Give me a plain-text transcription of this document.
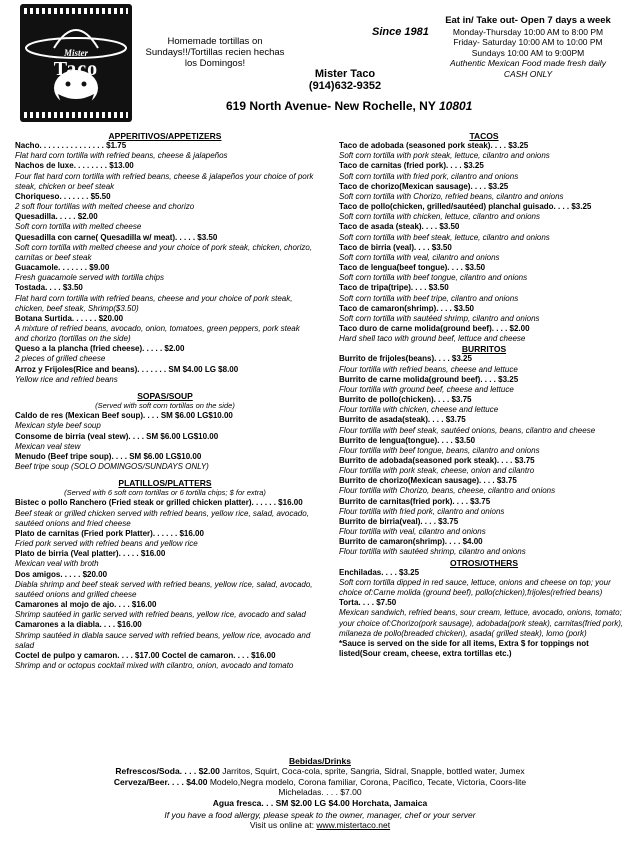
Mister
Taco
Homemade tortillas on Sundays!!/Tortillas recien hechas los Domingos!
Since 1981
Eat in/ Take out- Open 7 days a week
Monday-Thursday 10:00 AM to 8:00 PM
Friday- Saturday 10:00 AM to 10:00 PM
Sundays 10:00 AM to 9:00PM
Authentic Mexican Food made fresh daily
CASH ONLY
Mister Taco
(914)632-9352
619 North Avenue- New Rochelle, NY 10801
APPERITIVOS/APPETIZERS
Nacho. . . . . . . . . . . . . . . $1.75
Flat hard corn tortilla with refried beans, cheese & jalapeños
Nachos de luxe. . . . . . . . $13.00
Four flat hard corn tortilla with refried beans, cheese & jalapeños your choice of pork steak, chicken or beef steak
Choriqueso. . . . . . . $5.50
2 soft flour tortillas with melted cheese and chorizo
Quesadilla. . . . . $2.00
Soft corn tortilla with melted cheese
Quesadilla con carne( Quesadilla w/ meat). . . . . $3.50
Soft corn tortilla with melted cheese and your choice of pork steak, chicken, chorizo, carnitas or beef steak
Guacamole. . . . . . . $9.00
Fresh guacamole served with tortilla chips
Tostada. . . . $3.50
Flat hard corn tortilla with refried beans, cheese and your choice of pork steak, chicken, beef steak, Shrimp($3.50)
Botana Surtida. . . . . . $20.00
A mixture of refried beans, avocado, onion, tomatoes, green peppers, pork steak and chorizo (tortillas on the side)
Queso a la plancha (fried cheese). . . . . $2.00
2 pieces of grilled cheese
Arroz y Frijoles(Rice and beans). . . . . . . SM $4.00 LG $8.00
Yellow rice and refried beans
SOPAS/SOUP
(Served with soft corn tortillas on the side)
Caldo de res (Mexican Beef soup). . . . SM $6.00 LG$10.00
Mexican style beef soup
Consome de birria (veal stew). . . . SM $6.00 LG$10.00
Mexican veal stew
Menudo (Beef tripe soup). . . . SM $6.00 LG$10.00
Beef tripe soup (SOLO DOMINGOS/SUNDAYS ONLY)
PLATILLOS/PLATTERS
(Served with 6 soft corn tortillas or 6 tortilla chips; $ for extra)
Bistec o pollo Ranchero (Fried steak or grilled chicken platter). . . . . . $16.00
Beef steak or grilled chicken served with refried beans, yellow rice, salad, avocado, sautéed onions and fried cheese
Plato de carnitas (Fried pork Platter). . . . . . $16.00
Fried pork served with refried beans and yellow rice
Plato de birria (Veal platter). . . . . $16.00
Mexican veal with broth
Dos amigos. . . . . $20.00
Diabla shrimp and beef steak served with refried beans, yellow rice, salad, avocado, sautéed onions and grilled cheese
Camarones al mojo de ajo. . . . $16.00
Shrimp sautéed in garlic served with refried beans, yellow rice, avocado and salad
Camarones a la diabla. . . . $16.00
Shrimp sautéed in diabla sauce served with refried beans, yellow rice, avocado and salad
Coctel de pulpo y camaron. . . . $17.00 Coctel de camaron. . . . $16.00
Shrimp and or octopus cocktail mixed with cilantro, onion, avocado and tomato
TACOS
Taco de adobada (seasoned pork steak). . . . $3.25
Soft corn tortilla with pork steak, lettuce, cilantro and onions
Taco de carnitas (fried pork). . . . $3.25
Soft corn tortilla with fried pork, cilantro and onions
Taco de chorizo(Mexican sausage). . . . $3.25
Soft corn tortilla with Chorizo, refried beans, cilantro and onions
Taco de pollo(chicken, grilled/sautéed) planchal guisado. . . . $3.25
Soft corn tortilla with chicken, lettuce, cilantro and onions
Taco de asada (steak). . . . $3.50
Soft corn tortilla with beef steak, lettuce, cilantro and onions
Taco de birria (veal). . . . $3.50
Soft corn tortilla with veal, cilantro and onions
Taco de lengua(beef tongue). . . . $3.50
Soft corn tortilla with beef tongue, cilantro and onions
Taco de tripa(tripe). . . . $3.50
Soft corn tortilla with beef tripe, cilantro and onions
Taco de camaron(shrimp). . . . $3.50
Soft corn tortilla with sautéed shrimp, cilantro and onions
Taco duro de carne molida(ground beef). . . . $2.00
Hard shell taco with ground beef, lettuce and cheese
BURRITOS
Burrito de frijoles(beans). . . . $3.25
Flour tortilla with refried beans, cheese and lettuce
Burrito de carne molida(ground beef). . . . $3.25
Flour tortilla with ground beef, cheese and lettuce
Burrito de pollo(chicken). . . . $3.75
Flour tortilla with chicken, cheese and lettuce
Burrito de asada(steak). . . . $3.75
Flour tortilla with beef steak, sautéed onions, beans, cilantro and cheese
Burrito de lengua(tongue). . . . $3.50
Flour tortilla with beef tongue, beans, cilantro and onions
Burrito de adobada(seasoned pork steak). . . . $3.75
Flour tortilla with pork steak, cheese, onion and cilantro
Burrito de chorizo(Mexican sausage). . . . $3.75
Flour tortilla with Chorizo, beans, cheese, cilantro and onions
Burrito de carnitas(fried pork). . . . $3.75
Flour tortilla with fried pork, cilantro and onions
Burrito de birria(veal). . . . $3.75
Flour tortilla with veal, cilantro and onions
Burrito de camaron(shrimp). . . . $4.00
Flour tortilla with sautéed shrimp, cilantro and onions
OTROS/OTHERS
Enchiladas. . . . $3.25
Soft corn tortilla dipped in red sauce, lettuce, onions and cheese on top; your choice of:Carne molida (ground beef), pollo(chicken),frijoles(refried beans)
Torta. . . . $7.50
Mexican sandwich, refried beans, sour cream, lettuce, avocado, onions, tomato; your choice of:Chorizo(pork sausage), adobada(pork steak), carnitas(fried pork), milaneza de pollo(breaded chicken), asada( grilled steak), lomo (pork)
*Sauce is served on the side for all items, Extra $ for toppings not listed(Sour cream, cheese, extra tortillas etc.)
Bebidas/Drinks
Refrescos/Soda. . . . $2.00 Jarritos, Squirt, Coca-cola, sprite, Sangria, Sidral, Snapple, bottled water, Jumex
Cerveza/Beer. . . . $4.00 Modelo,Negra modelo, Corona familiar, Corona, Pacifico, Tecate, Victoria, Coors-lite
Micheladas. . . . $7.00
Agua fresca. . . SM $2.00 LG $4.00 Horchata, Jamaica
If you have a food allergy, please speak to the owner, manager, chef or your server
Visit us online at: www.mistertaco.net
